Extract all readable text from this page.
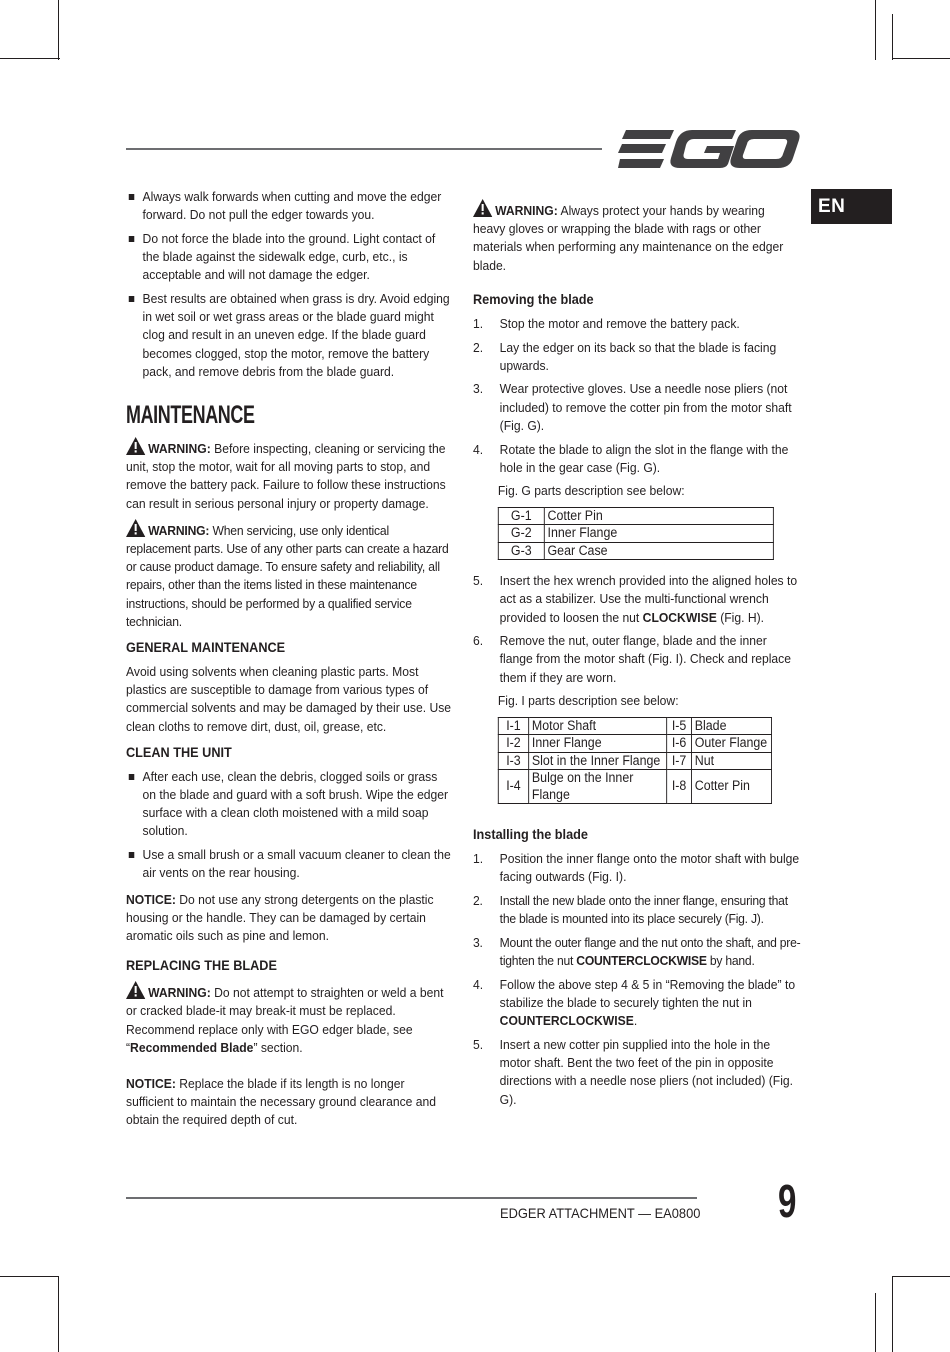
EGO
EN
Always walk forwards when cutting and move the edger forward. Do not pull the edger towards you.
Do not force the blade into the ground. Light contact of the blade against the sidewalk edge, curb, etc., is acceptable and will not damage the edger.
Best results are obtained when grass is dry. Avoid edging in wet soil or wet grass areas or the blade guard might clog and result in an uneven edge. If the blade guard becomes clogged, stop the motor, remove the battery pack, and remove debris from the blade guard.
MAINTENANCE

WARNING: Before inspecting, cleaning or servicing the unit, stop the motor, wait for all moving parts to stop, and remove the battery pack. Failure to follow these instructions can result in serious personal injury or property damage.

WARNING: When servicing, use only identical replacement parts. Use of any other parts can create a hazard or cause product damage. To ensure safety and reliability, all repairs, other than the items listed in these maintenance instructions, should be performed by a qualified service technician.

GENERAL MAINTENANCE

Avoid using solvents when cleaning plastic parts. Most plastics are susceptible to damage from various types of commercial solvents and may be damaged by their use. Use clean cloths to remove dirt, dust, oil, grease, etc.

CLEAN THE UNIT
After each use, clean the debris, clogged soils or grass on the blade and guard with a soft brush. Wipe the edger surface with a clean cloth moistened with a mild soap solution.
Use a small brush or a small vacuum cleaner to clean the air vents on the rear housing.

NOTICE: Do not use any strong detergents on the plastic housing or the handle. They can be damaged by certain aromatic oils such as pine and lemon.

REPLACING THE BLADE

WARNING: Do not attempt to straighten or weld a bent or cracked blade-it may break-it must be replaced. Recommend replace only with EGO edger blade, see “Recommended Blade” section.

NOTICE: Replace the blade if its length is no longer sufficient to maintain the necessary ground clearance and obtain the required depth of cut.

WARNING: Always protect your hands by wearing heavy gloves or wrapping the blade with rags or other materials when performing any maintenance on the edger blade.

Removing the blade
1. Stop the motor and remove the battery pack.
2. Lay the edger on its back so that the blade is facing upwards.
3. Wear protective gloves. Use a needle nose pliers (not included) to remove the cotter pin from the motor shaft (Fig. G).
4. Rotate the blade to align the slot in the flange with the hole in the gear case (Fig. G).

Fig. G parts description see below:

G-1	Cotter Pin
G-2	Inner Flange
G-3	Gear Case
5. Insert the hex wrench provided into the aligned holes to act as a stabilizer. Use the multi-functional wrench provided to loosen the nut CLOCKWISE (Fig. H).
6. Remove the nut, outer flange, blade and the inner flange from the motor shaft (Fig. I). Check and replace them if they are worn.

Fig. I parts description see below:

I-1	Motor Shaft	I-5	Blade
I-2	Inner Flange	I-6	Outer Flange
I-3	Slot in the Inner Flange	I-7	Nut
I-4	Bulge on the Inner Flange	I-8	Cotter Pin
Installing the blade
1. Position the inner flange onto the motor shaft with bulge facing outwards (Fig. I).
2. Install the new blade onto the inner flange, ensuring that the blade is mounted into its place securely (Fig. J).
3. Mount the outer flange and the nut onto the shaft, and pre-tighten the nut COUNTERCLOCKWISE by hand.
4. Follow the above step 4 & 5 in “Removing the blade” to stabilize the blade to securely tighten the nut in COUNTERCLOCKWISE.
5. Insert a new cotter pin supplied into the hole in the motor shaft. Bent the two feet of the pin in opposite directions with a needle nose pliers (not included) (Fig. G).
EDGER ATTACHMENT — EA0800 9
